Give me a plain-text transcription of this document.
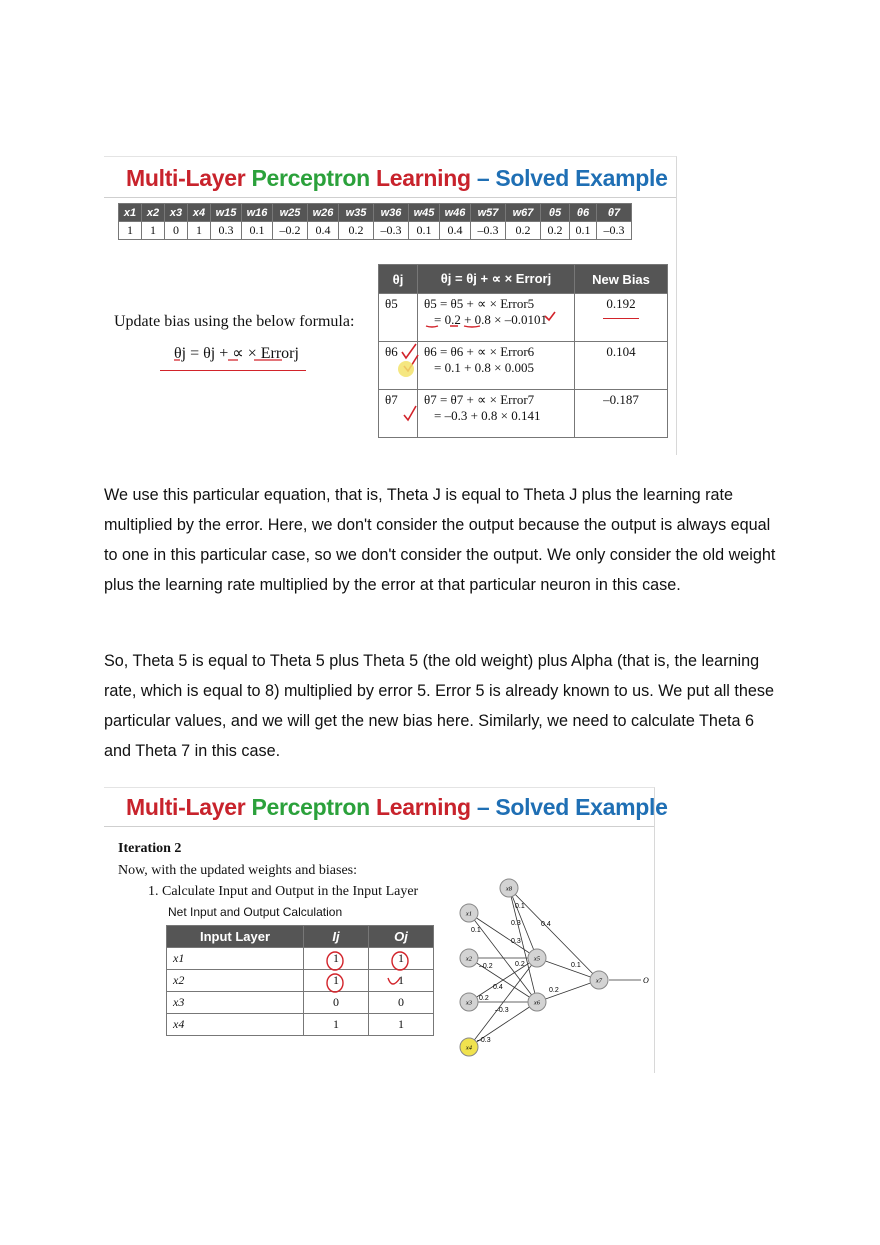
Multi-Layer Perceptron Learning – Solved Example
x1	x2	x3	x4	w15	w16	w25	w26	w35	w36	w45	w46	w57	w67	θ5	θ6	θ7
1	1	0	1	0.3	0.1	–0.2	0.4	0.2	–0.3	0.1	0.4	–0.3	0.2	0.2	0.1	–0.3
Update bias using the below formula:
θj = θj + ∝ × Errorj
θj	θj = θj + ∝ × Errorj	New Bias
θ5	θ5 = θ5 + ∝ × Error5
= 0.2 + 0.8 × –0.0101	0.192

θ6	θ6 = θ6 + ∝ × Error6
= 0.1 + 0.8 × 0.005	0.104
θ7	θ7 = θ7 + ∝ × Error7
= –0.3 + 0.8 × 0.141	–0.187
We use this particular equation, that is, Theta J is equal to Theta J plus the learning rate multiplied by the error. Here, we don't consider the output because the output is always equal to one in this particular case, so we don't consider the output. We only consider the old weight plus the learning rate multiplied by the error at that particular neuron in this case.
So, Theta 5 is equal to Theta 5 plus Theta 5 (the old weight) plus Alpha (that is, the learning rate, which is equal to 8) multiplied by error 5. Error 5 is already known to us. We put all these particular values, and we will get the new bias here. Similarly, we need to calculate Theta 6 and Theta 7 in this case.
Multi-Layer Perceptron Learning – Solved Example
Iteration 2
Now, with the updated weights and biases:
1. Calculate Input and Output in the Input Layer
Net Input and Output Calculation
Input Layer	Ij	Oj
x1	1	1
x2	1	1
x3	0	0
x4	1	1
O
0.1
0.3
0.1
0.3
0.2
–0.2
0.4
–0.3
0.2
–0.3
0.2
0.1
0.4
x8
x1
x2
x3
x4
x5
x6
x7
